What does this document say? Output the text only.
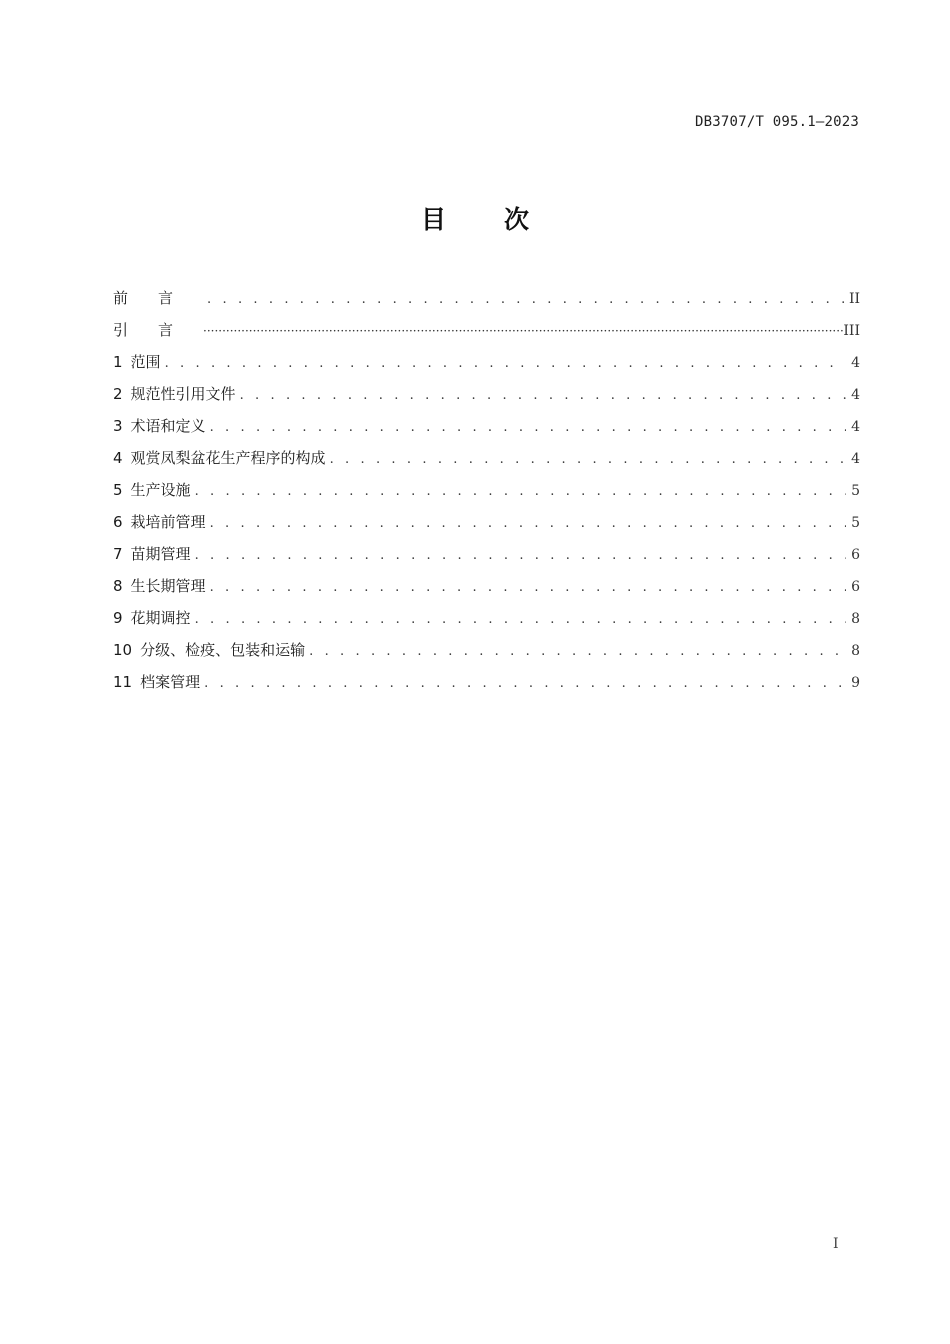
DB3707/T 095.1—2023
目次
前言 . . .	II
引言 ·····	III
1 范围 . . .	4
2 规范性引用文件 . . .	4
3 术语和定义 . . .	4
4 观赏凤梨盆花生产程序的构成 . . .	4
5 生产设施 . . .	5
6 栽培前管理 . . .	5
7 苗期管理 . . .	6
8 生长期管理 . . .	6
9 花期调控 . . .	8
10 分级、检疫、包装和运输 . . .	8
11 档案管理 . . .	9
I
